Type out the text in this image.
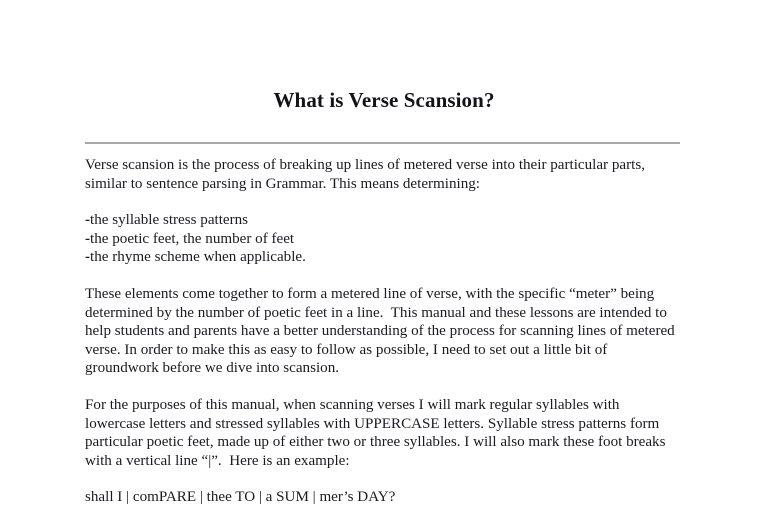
What is Verse Scansion?

Verse scansion is the process of breaking up lines of metered verse into their particular parts, similar to sentence parsing in Grammar. This means determining:

-the syllable stress patterns
-the poetic feet, the number of feet
-the rhyme scheme when applicable.

These elements come together to form a metered line of verse, with the specific “meter” being determined by the number of poetic feet in a line.  This manual and these lessons are intended to help students and parents have a better understanding of the process for scanning lines of metered verse. In order to make this as easy to follow as possible, I need to set out a little bit of groundwork before we dive into scansion.

For the purposes of this manual, when scanning verses I will mark regular syllables with lowercase letters and stressed syllables with UPPERCASE letters. Syllable stress patterns form particular poetic feet, made up of either two or three syllables. I will also mark these foot breaks with a vertical line “|”.  Here is an example:

shall I | comPARE | thee TO | a SUM | mer’s DAY?
